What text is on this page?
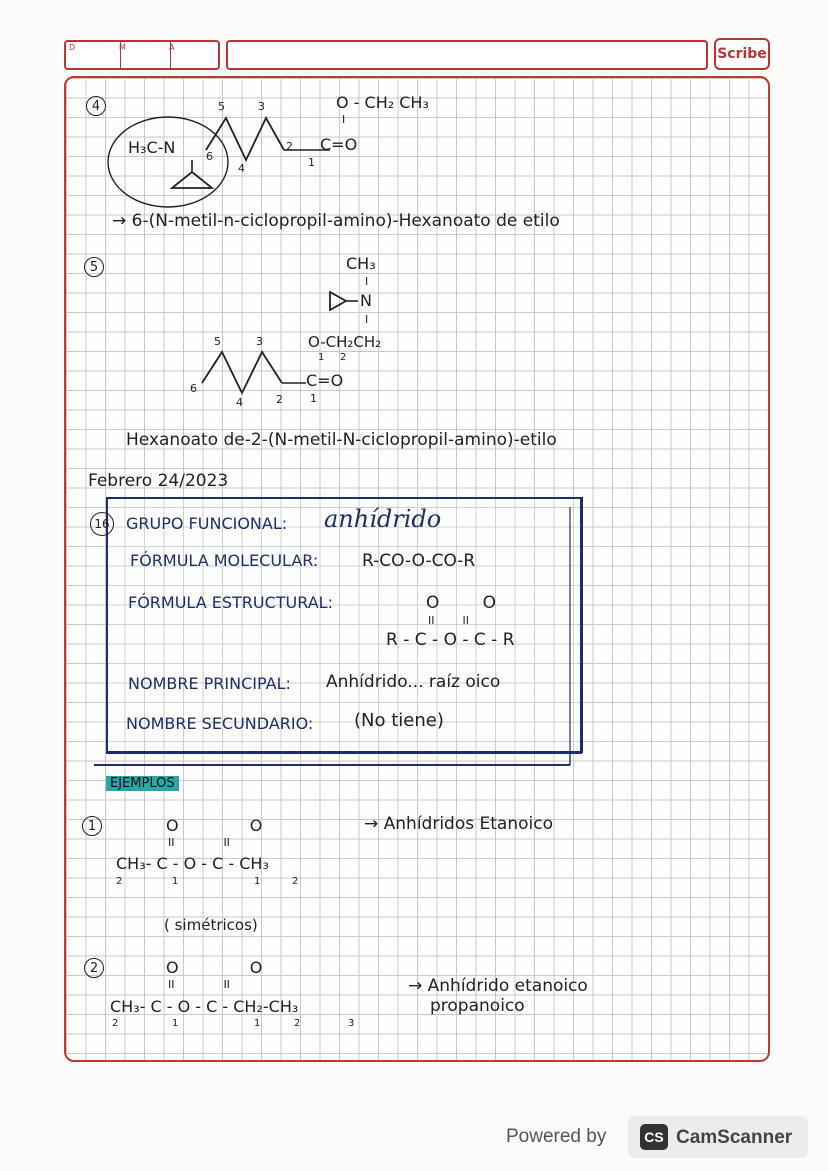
D	M	A	Scribe
4	O - CH₂ CH₃
I
C=O
H₃C-N
5	3
2
6
4	1
→ 6-(N-metil-n-ciclopropil-amino)-Hexanoato de etilo
5	CH₃
I
N
I
O-CH₂CH₂
1 2
C=O
5	3
6
4	2 1
Hexanoato de-2-(N-metil-N-ciclopropil-amino)-etilo
Febrero 24/2023
16 GRUPO FUNCIONAL: anhídrido
FÓRMULA MOLECULAR:	R-CO-O-CO-R
FÓRMULA ESTRUCTURAL:	O        O
II        II
R - C - O - C - R
NOMBRE PRINCIPAL: Anhídrido... raíz oico
NOMBRE SECUNDARIO: (No tiene)
EJEMPLOS
1	O              O
II              II
CH₃- C - O - C - CH₃
2	1	1	2
→ Anhídridos Etanoico
( simétricos)
2	O              O
II              II
CH₃- C - O - C - CH₂-CH₃
2	1	1	2	3
→ Anhídrido etanoico
propanoico
Powered by	CS CamScanner
